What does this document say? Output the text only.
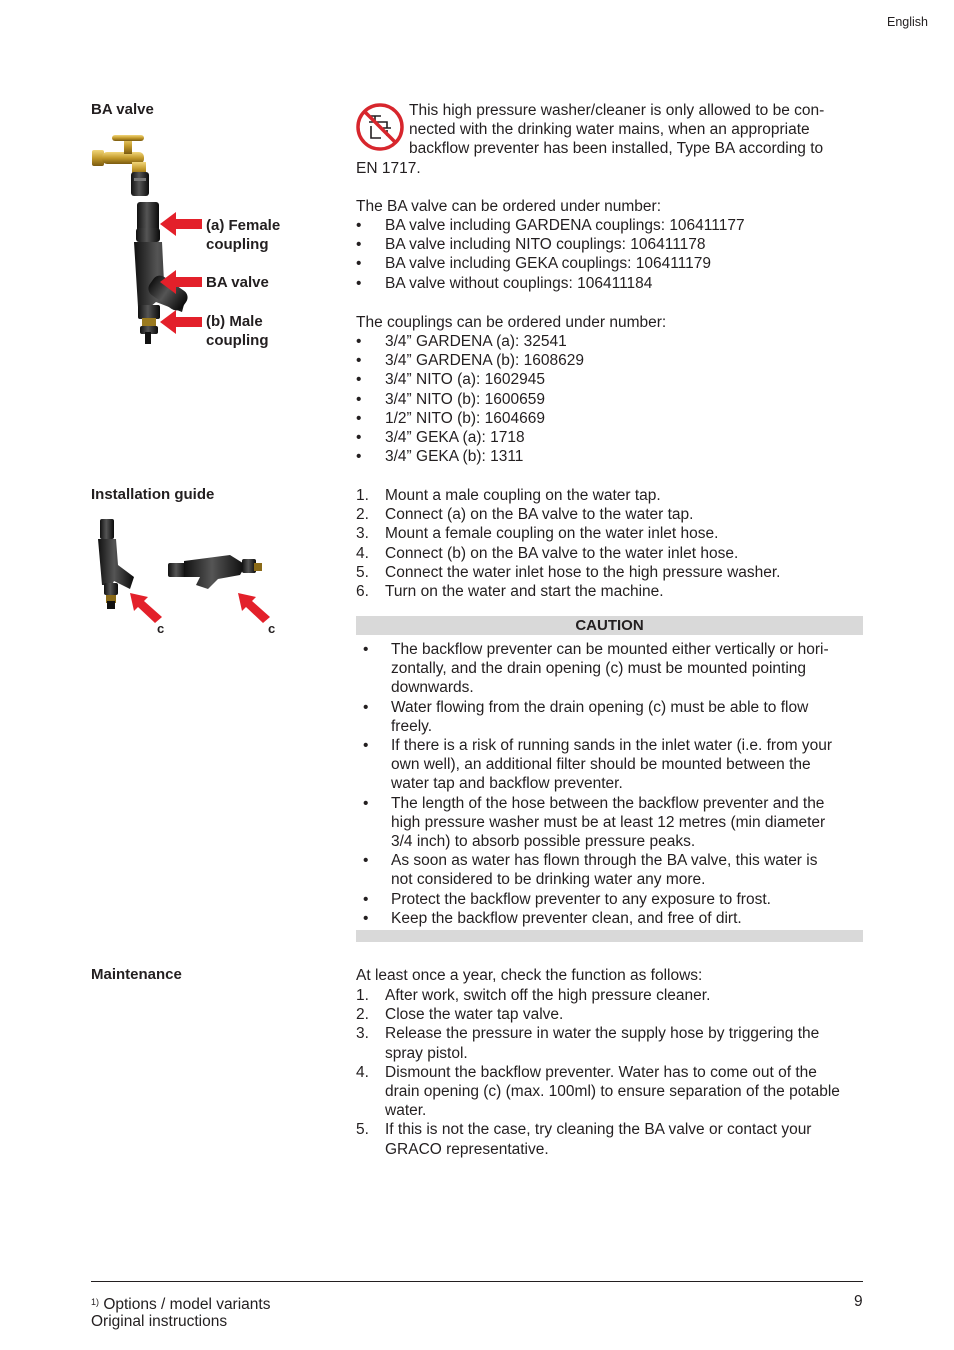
English
BA valve
(a) Female
coupling
BA valve
(b) Male
coupling
This high pressure washer/cleaner is only allowed to be con-
nected with the drinking water mains, when an appropriate
backflow preventer has been installed, Type BA according to
EN 1717.
The BA valve can be ordered under number:
• BA valve including GARDENA couplings: 106411177
• BA valve including NITO couplings: 106411178
• BA valve including GEKA couplings: 106411179
• BA valve without couplings: 106411184
The couplings can be ordered under number:
• 3/4” GARDENA (a): 32541
• 3/4” GARDENA (b): 1608629
• 3/4” NITO (a): 1602945
• 3/4” NITO (b): 1600659
• 1/2” NITO (b): 1604669
• 3/4” GEKA (a): 1718
• 3/4” GEKA (b): 1311
Installation guide
c	c
1. Mount a male coupling on the water tap.
2. Connect (a) on the BA valve to the water tap.
3. Mount a female coupling on the water inlet hose.
4. Connect (b) on the BA valve to the water inlet hose.
5. Connect the water inlet hose to the high pressure washer.
6. Turn on the water and start the machine.
CAUTION
• The backflow preventer can be mounted either vertically or hori-
zontally, and the drain opening (c) must be mounted pointing
downwards.
• Water flowing from the drain opening (c) must be able to flow
freely.
• If there is a risk of running sands in the inlet water (i.e. from your
own well), an additional filter should be mounted between the
water tap and backflow preventer.
• The length of the hose between the backflow preventer and the
high pressure washer must be at least 12 metres (min diameter
3/4 inch) to absorb possible pressure peaks.
• As soon as water has flown through the BA valve, this water is
not considered to be drinking water any more.
• Protect the backflow preventer to any exposure to frost.
• Keep the backflow preventer clean, and free of dirt.
Maintenance	At least once a year, check the function as follows:
1. After work, switch off the high pressure cleaner.
2. Close the water tap valve.
3. Release the pressure in water the supply hose by triggering the
spray pistol.
4. Dismount the backflow preventer. Water has to come out of the
drain opening (c) (max. 100ml) to ensure separation of the potable
water.
5. If this is not the case, try cleaning the BA valve or contact your
GRACO representative.
$^{1)}$ Options / model variants
Original instructions
9
